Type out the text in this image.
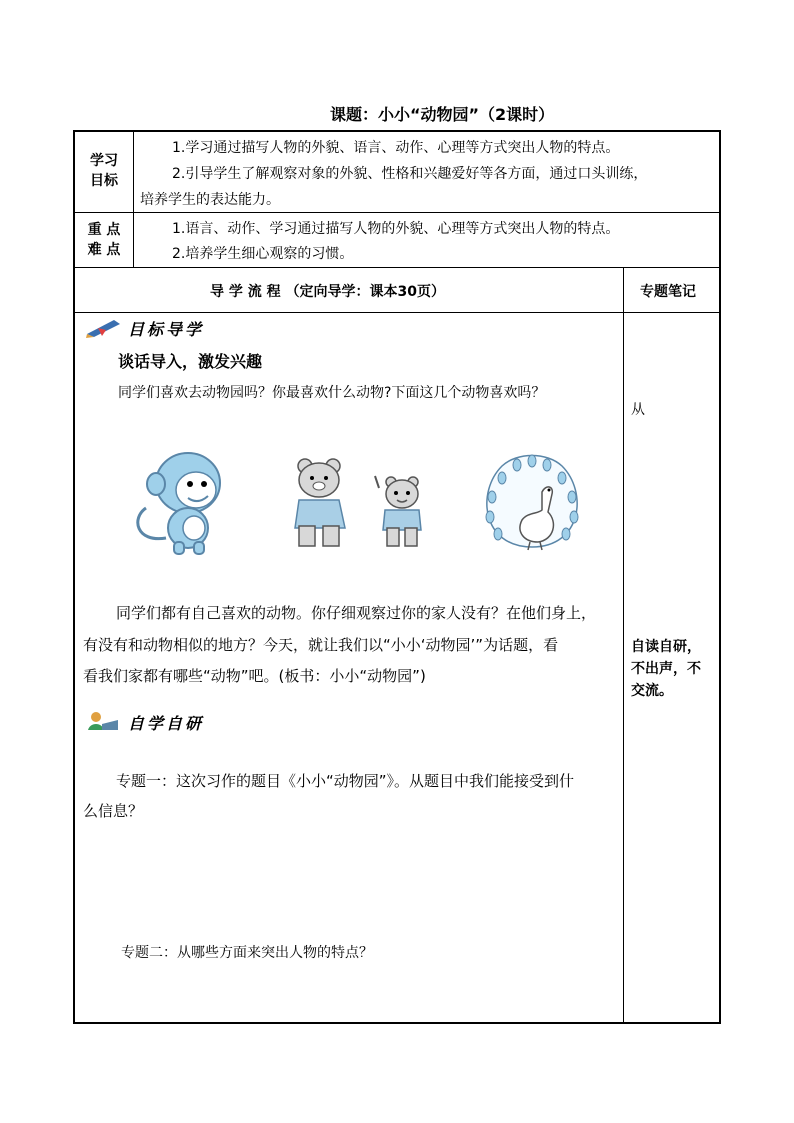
课题：小小“动物园”（2课时）
学习
目标
1.学习通过描写人物的外貌、语言、动作、心理等方式突出人物的特点。
2.引导学生了解观察对象的外貌、性格和兴趣爱好等各方面，通过口头训练，
培养学生的表达能力。
重 点
难 点
1.语言、动作、学习通过描写人物的外貌、心理等方式突出人物的特点。
2.培养学生细心观察的习惯。
导 学 流 程 （定向导学：课本30页）	专题笔记
目标导学
谈话导入，激发兴趣
同学们喜欢去动物园吗？你最喜欢什么动物?下面这几个动物喜欢吗？
同学们都有自己喜欢的动物。你仔细观察过你的家人没有？在他们身上，
有没有和动物相似的地方？今天，就让我们以“小小‘动物园’”为话题，看
看我们家都有哪些“动物”吧。(板书：小小“动物园”)
自学自研
专题一：这次习作的题目《小小“动物园”》。从题目中我们能接受到什
么信息？
专题二：从哪些方面来突出人物的特点？
从
自读自研，
不出声，不
交流。
